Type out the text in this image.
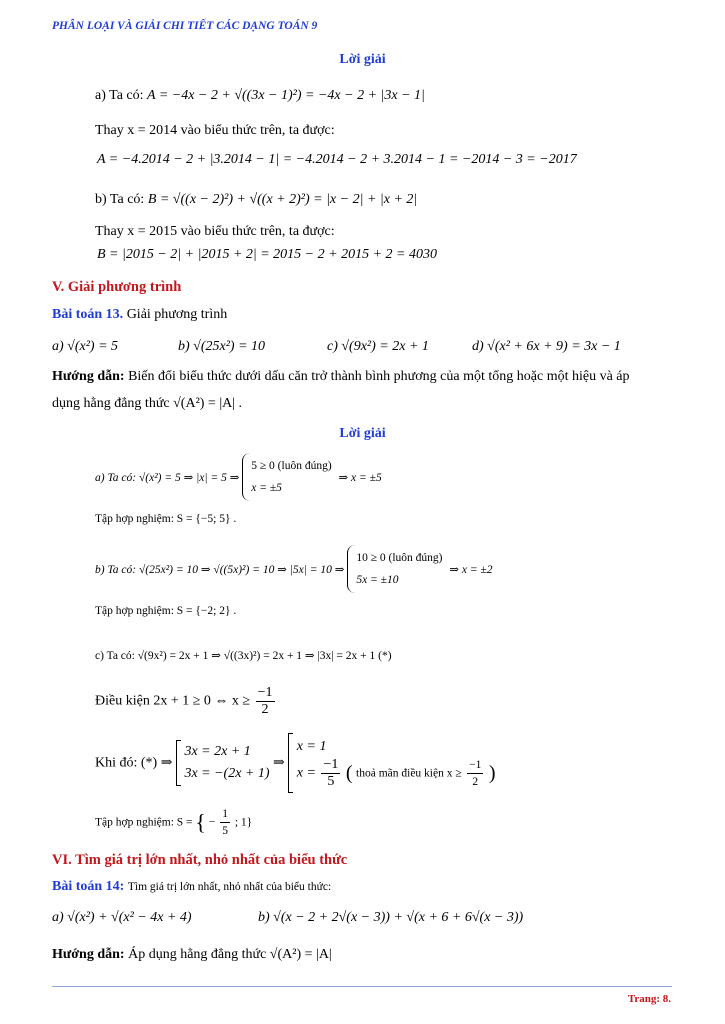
PHÂN LOẠI VÀ GIẢI CHI TIẾT CÁC DẠNG TOÁN 9
Lời giải
a) Ta có: A = −4x − 2 + √((3x − 1)²) = −4x − 2 + |3x − 1|
Thay x = 2014 vào biểu thức trên, ta được:
A = −4.2014 − 2 + |3.2014 − 1| = −4.2014 − 2 + 3.2014 − 1 = −2014 − 3 = −2017
b) Ta có: B = √((x − 2)²) + √((x + 2)²) = |x − 2| + |x + 2|
Thay x = 2015 vào biểu thức trên, ta được:
B = |2015 − 2| + |2015 + 2| = 2015 − 2 + 2015 + 2 = 4030
V. Giải phương trình
Bài toán 13. Giải phương trình
a) √(x²) = 5	b) √(25x²) = 10	c) √(9x²) = 2x + 1	d) √(x² + 6x + 9) = 3x − 1
Hướng dẫn: Biến đổi biểu thức dưới dấu căn trở thành bình phương của một tổng hoặc một hiệu và áp
dụng hằng đẳng thức √(A²) = |A| .
Lời giải
a) Ta có: √(x²) = 5 ⇒ |x| = 5 ⇒
5 ≥ 0 (luôn đúng)
x = ±5
⇒ x = ±5
Tập hợp nghiệm: S = {−5; 5} .
b) Ta có: √(25x²) = 10 ⇒ √((5x)²) = 10 ⇒ |5x| = 10 ⇒
10 ≥ 0 (luôn đúng)
5x = ±10
⇒ x = ±2
Tập hợp nghiệm: S = {−2; 2} .
c) Ta có: √(9x²) = 2x + 1 ⇒ √((3x)²) = 2x + 1 ⇒ |3x| = 2x + 1 (*)
Điều kiện 2x + 1 ≥ 0 ⇔ $x \ge \frac{-1}{2}$
Khi đó: (*) ⇒
3x = 2x + 1
3x = −(2x + 1)
⇒
x = 1
$x = \frac{-1}{5}$ ( thoả mãn điều kiện $x \ge \frac{-1}{2}$ )
Tập hợp nghiệm: S = { − $\frac{1}{5}$ ; 1}
VI. Tìm giá trị lớn nhất, nhỏ nhất của biểu thức
Bài toán 14: Tìm giá trị lớn nhất, nhỏ nhất của biểu thức:
a) √(x²) + √(x² − 4x + 4)	b) √(x − 2 + 2√(x − 3)) + √(x + 6 + 6√(x − 3))
Hướng dẫn: Áp dụng hằng đẳng thức √(A²) = |A|
Trang: 8.
